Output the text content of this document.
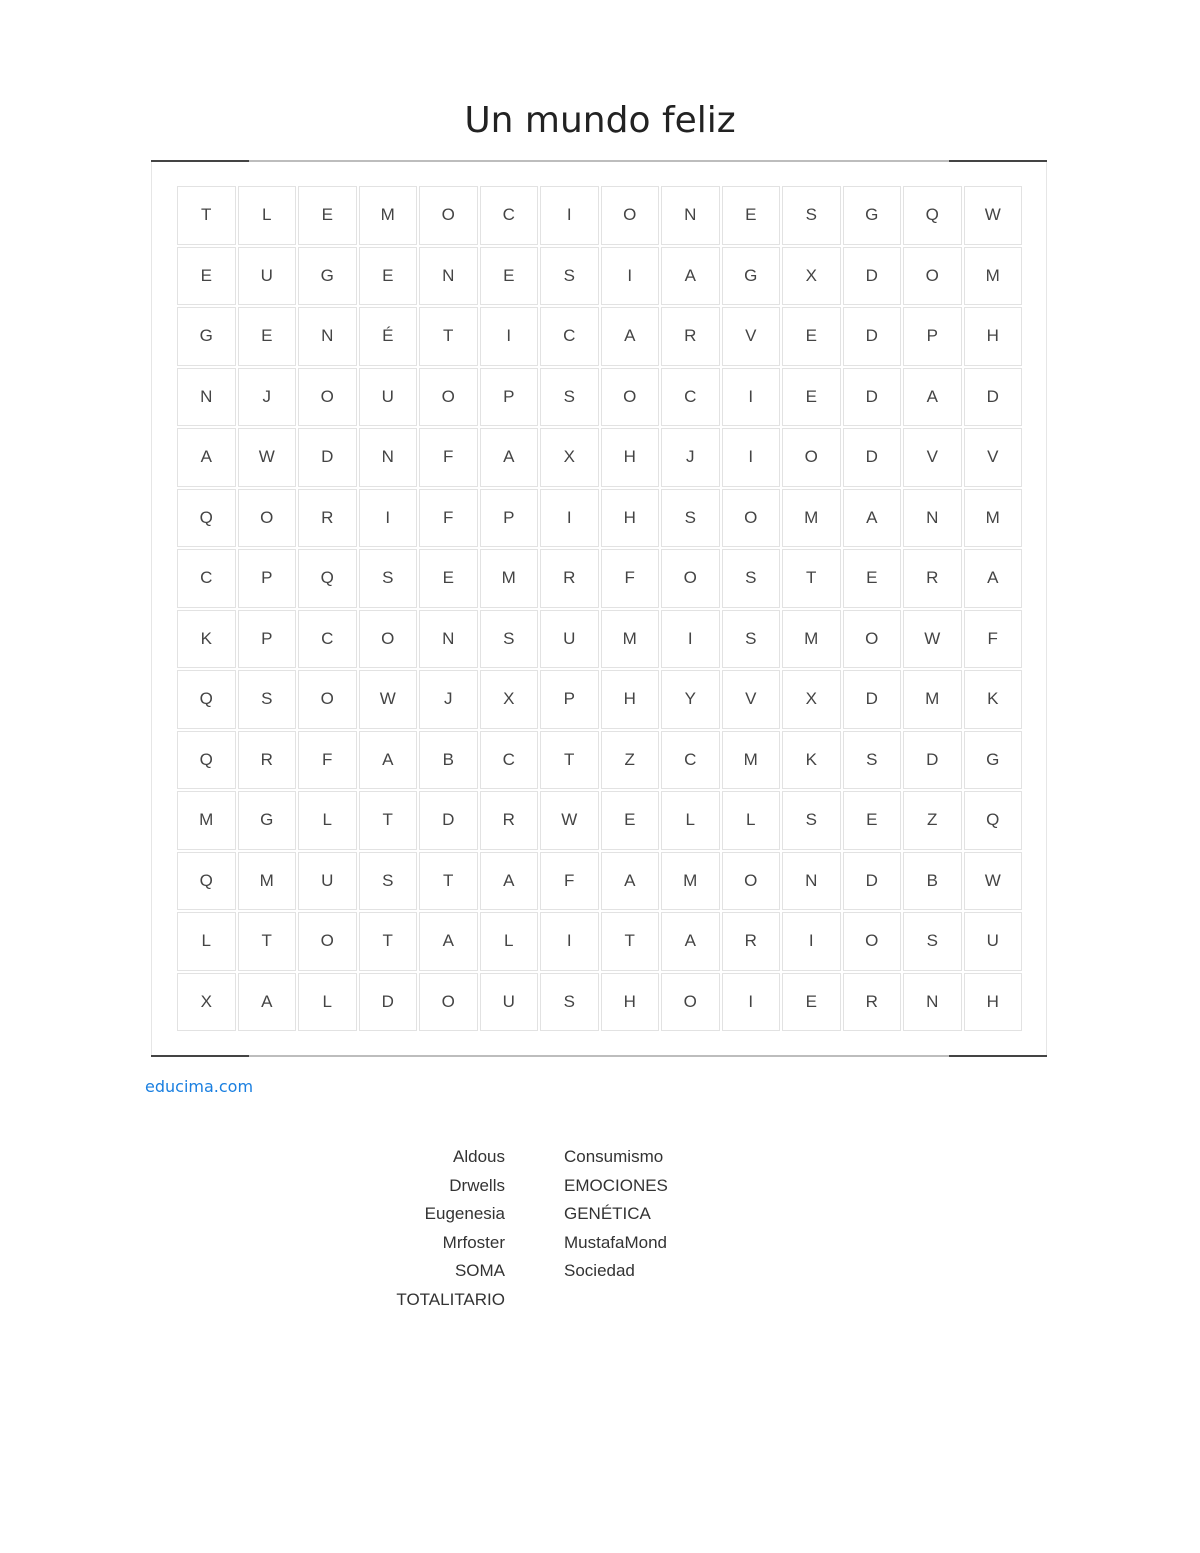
Un mundo feliz
T	L	E	M	O	C	I	O	N	E	S	G	Q	W
E	U	G	E	N	E	S	I	A	G	X	D	O	M
G	E	N	É	T	I	C	A	R	V	E	D	P	H
N	J	O	U	O	P	S	O	C	I	E	D	A	D
A	W	D	N	F	A	X	H	J	I	O	D	V	V
Q	O	R	I	F	P	I	H	S	O	M	A	N	M
C	P	Q	S	E	M	R	F	O	S	T	E	R	A
K	P	C	O	N	S	U	M	I	S	M	O	W	F
Q	S	O	W	J	X	P	H	Y	V	X	D	M	K
Q	R	F	A	B	C	T	Z	C	M	K	S	D	G
M	G	L	T	D	R	W	E	L	L	S	E	Z	Q
Q	M	U	S	T	A	F	A	M	O	N	D	B	W
L	T	O	T	A	L	I	T	A	R	I	O	S	U
X	A	L	D	O	U	S	H	O	I	E	R	N	H
educima.com
Aldous
Drwells
Eugenesia
Mrfoster
SOMA
TOTALITARIO
Consumismo
EMOCIONES
GENÉTICA
MustafaMond
Sociedad
